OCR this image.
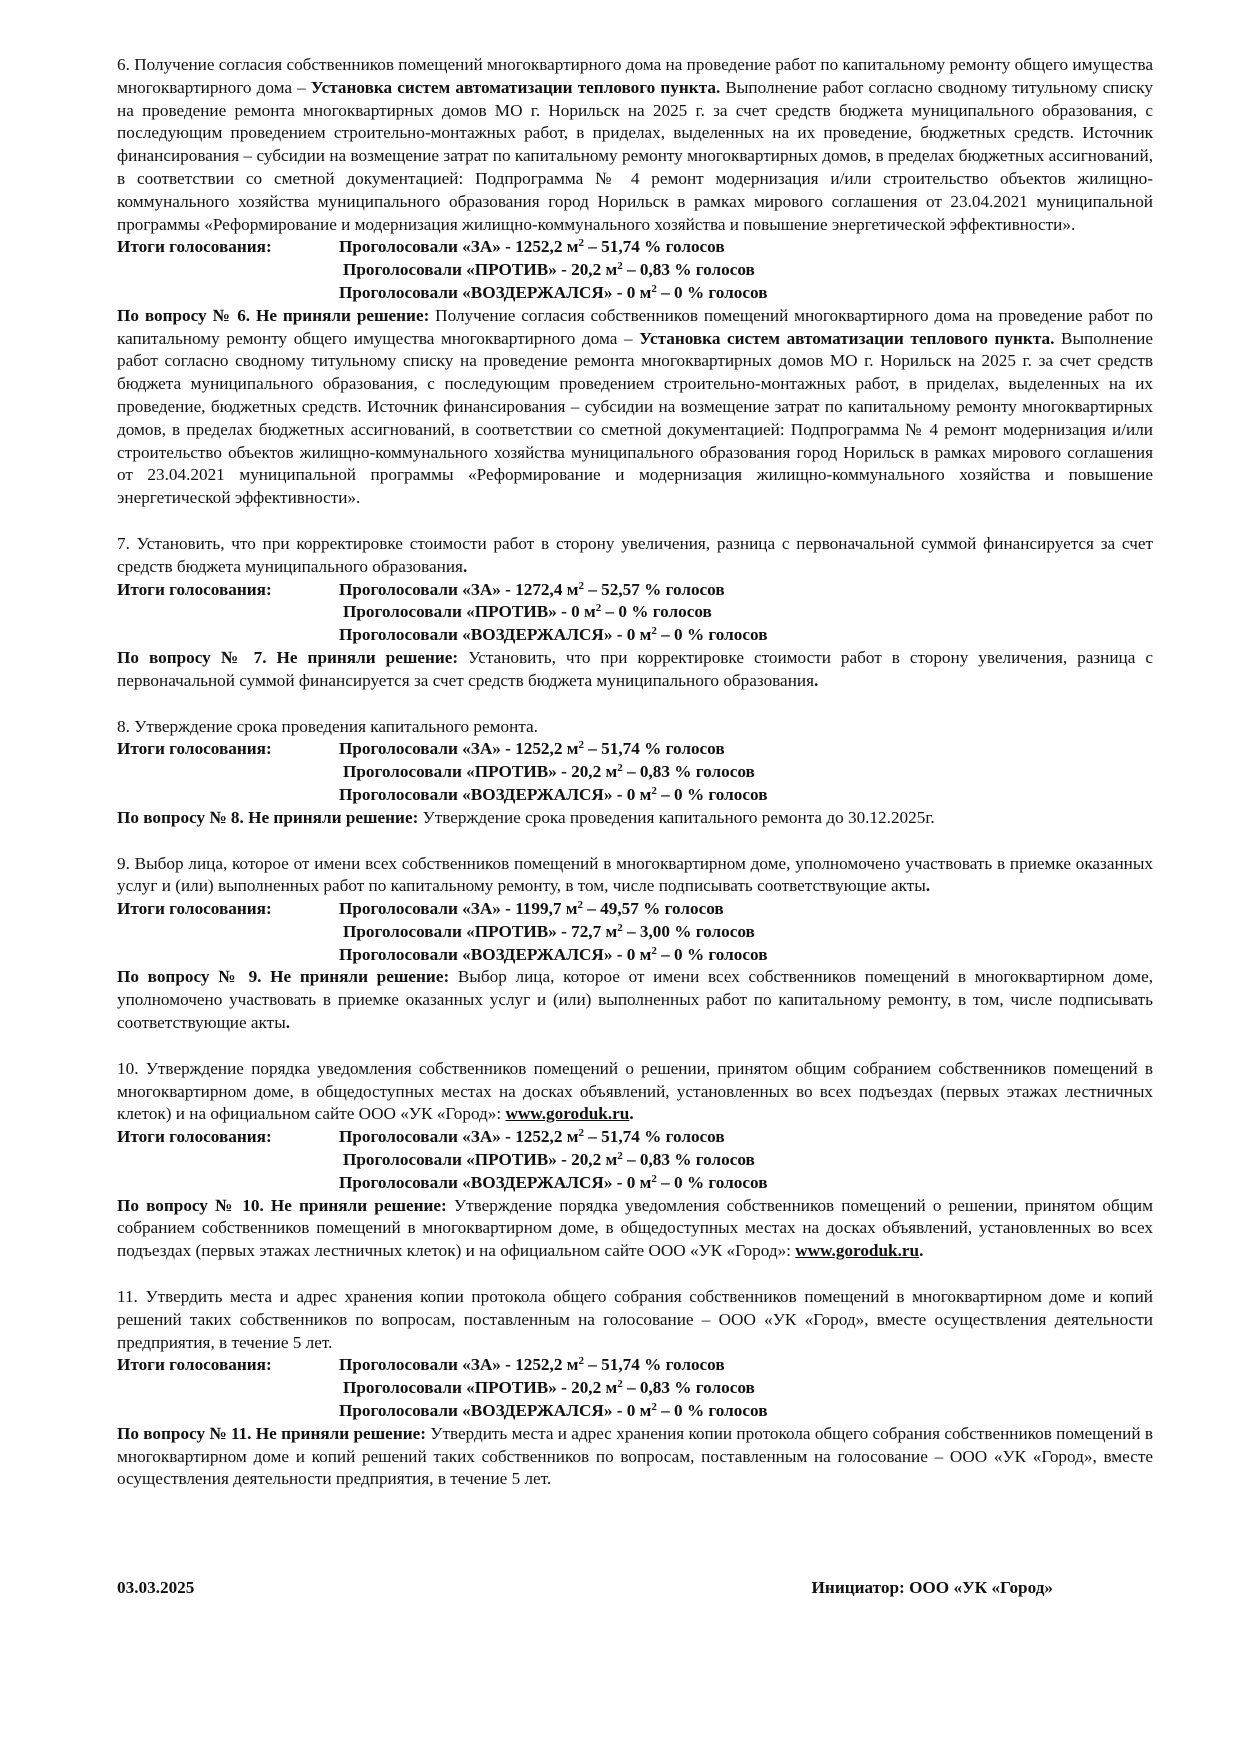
6. Получение согласия собственников помещений многоквартирного дома на проведение работ по капитальному ремонту общего имущества многоквартирного дома – Установка систем автоматизации теплового пункта. Выполнение работ согласно сводному титульному списку на проведение ремонта многоквартирных домов МО г. Норильск на 2025 г. за счет средств бюджета муниципального образования, с последующим проведением строительно-монтажных работ, в приделах, выделенных на их проведение, бюджетных средств. Источник финансирования – субсидии на возмещение затрат по капитальному ремонту многоквартирных домов, в пределах бюджетных ассигнований, в соответствии со сметной документацией: Подпрограмма № 4 ремонт модернизация и/или строительство объектов жилищно-коммунального хозяйства муниципального образования город Норильск в рамках мирового соглашения от 23.04.2021 муниципальной программы «Реформирование и модернизация жилищно-коммунального хозяйства и повышение энергетической эффективности».

Итоги голосования:	Проголосовали «ЗА» - 1252,2 $м^2 - 51,74$ % голосов
Проголосовали «ПРОТИВ» - 20,2 $м^2 - 0,83$ % голосов
Проголосовали «ВОЗДЕРЖАЛСЯ» - 0 $м^2 - 0$ % голосов

По вопросу № 6. Не приняли решение: Получение согласия собственников помещений многоквартирного дома на проведение работ по капитальному ремонту общего имущества многоквартирного дома – Установка систем автоматизации теплового пункта. Выполнение работ согласно сводному титульному списку на проведение ремонта многоквартирных домов МО г. Норильск на 2025 г. за счет средств бюджета муниципального образования, с последующим проведением строительно-монтажных работ, в приделах, выделенных на их проведение, бюджетных средств. Источник финансирования – субсидии на возмещение затрат по капитальному ремонту многоквартирных домов, в пределах бюджетных ассигнований, в соответствии со сметной документацией: Подпрограмма № 4 ремонт модернизация и/или строительство объектов жилищно-коммунального хозяйства муниципального образования город Норильск в рамках мирового соглашения от 23.04.2021 муниципальной программы «Реформирование и модернизация жилищно-коммунального хозяйства и повышение энергетической эффективности».

7. Установить, что при корректировке стоимости работ в сторону увеличения, разница с первоначальной суммой финансируется за счет средств бюджета муниципального образования.

Итоги голосования:	Проголосовали «ЗА» - 1272,4 $м^2 - 52,57$ % голосов
Проголосовали «ПРОТИВ» - 0 $м^2 - 0$ % голосов
Проголосовали «ВОЗДЕРЖАЛСЯ» - 0 $м^2 - 0$ % голосов

По вопросу № 7. Не приняли решение: Установить, что при корректировке стоимости работ в сторону увеличения, разница с первоначальной суммой финансируется за счет средств бюджета муниципального образования.

8. Утверждение срока проведения капитального ремонта.

Итоги голосования:	Проголосовали «ЗА» - 1252,2 $м^2 - 51,74$ % голосов
Проголосовали «ПРОТИВ» - 20,2 $м^2 - 0,83$ % голосов
Проголосовали «ВОЗДЕРЖАЛСЯ» - 0 $м^2 - 0$ % голосов

По вопросу № 8. Не приняли решение: Утверждение срока проведения капитального ремонта до 30.12.2025г.

9. Выбор лица, которое от имени всех собственников помещений в многоквартирном доме, уполномочено участвовать в приемке оказанных услуг и (или) выполненных работ по капитальному ремонту, в том, числе подписывать соответствующие акты.

Итоги голосования:	Проголосовали «ЗА» - 1199,7 $м^2 - 49,57$ % голосов
Проголосовали «ПРОТИВ» - 72,7 $м^2 - 3,00$ % голосов
Проголосовали «ВОЗДЕРЖАЛСЯ» - 0 $м^2 - 0$ % голосов

По вопросу № 9. Не приняли решение: Выбор лица, которое от имени всех собственников помещений в многоквартирном доме, уполномочено участвовать в приемке оказанных услуг и (или) выполненных работ по капитальному ремонту, в том, числе подписывать соответствующие акты.

10. Утверждение порядка уведомления собственников помещений о решении, принятом общим собранием собственников помещений в многоквартирном доме, в общедоступных местах на досках объявлений, установленных во всех подъездах (первых этажах лестничных клеток) и на официальном сайте ООО «УК «Город»: www.goroduk.ru.

Итоги голосования:	Проголосовали «ЗА» - 1252,2 $м^2 - 51,74$ % голосов
Проголосовали «ПРОТИВ» - 20,2 $м^2 - 0,83$ % голосов
Проголосовали «ВОЗДЕРЖАЛСЯ» - 0 $м^2 - 0$ % голосов

По вопросу № 10. Не приняли решение: Утверждение порядка уведомления собственников помещений о решении, принятом общим собранием собственников помещений в многоквартирном доме, в общедоступных местах на досках объявлений, установленных во всех подъездах (первых этажах лестничных клеток) и на официальном сайте ООО «УК «Город»: www.goroduk.ru.

11. Утвердить места и адрес хранения копии протокола общего собрания собственников помещений в многоквартирном доме и копий решений таких собственников по вопросам, поставленным на голосование – ООО «УК «Город», вместе осуществления деятельности предприятия, в течение 5 лет.

Итоги голосования:	Проголосовали «ЗА» - 1252,2 $м^2 - 51,74$ % голосов
Проголосовали «ПРОТИВ» - 20,2 $м^2 - 0,83$ % голосов
Проголосовали «ВОЗДЕРЖАЛСЯ» - 0 $м^2 - 0$ % голосов

По вопросу № 11. Не приняли решение: Утвердить места и адрес хранения копии протокола общего собрания собственников помещений в многоквартирном доме и копий решений таких собственников по вопросам, поставленным на голосование – ООО «УК «Город», вместе осуществления деятельности предприятия, в течение 5 лет.

03.03.2025	Инициатор: ООО «УК «Город»
